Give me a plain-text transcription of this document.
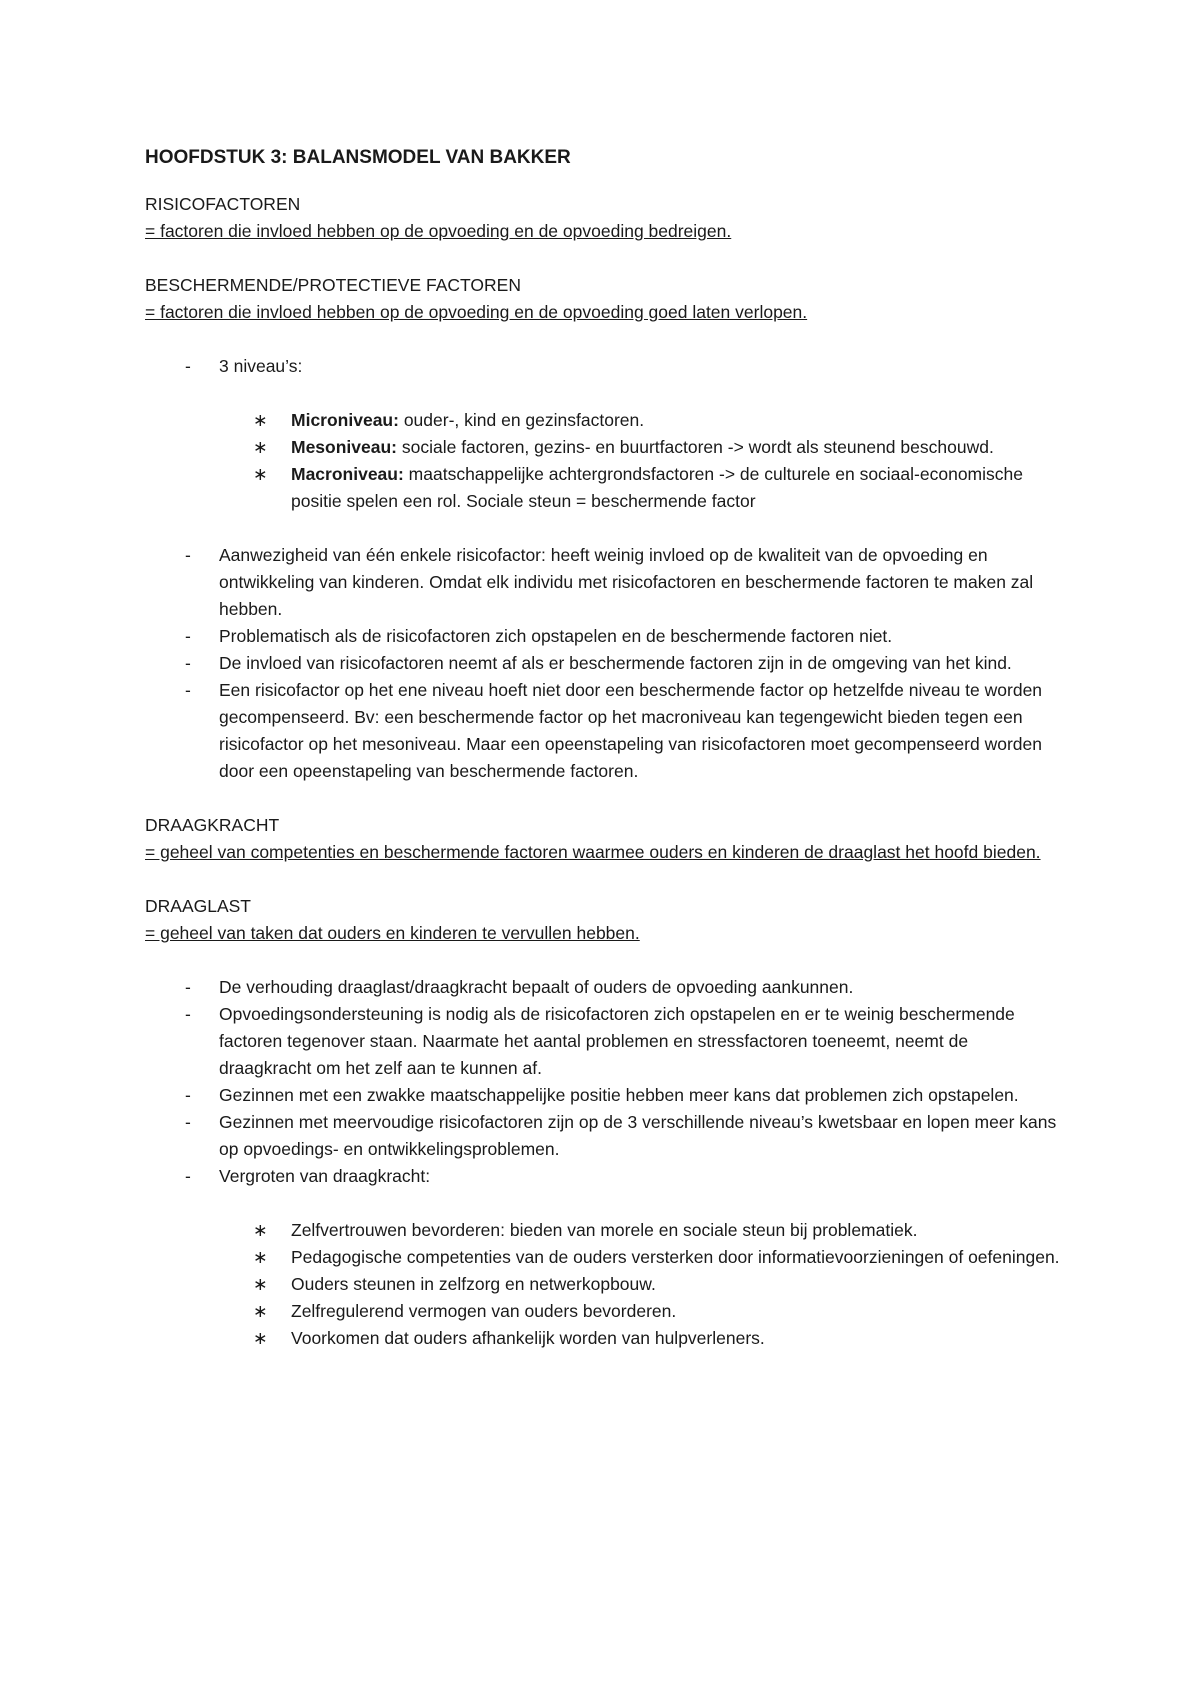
HOOFDSTUK 3: BALANSMODEL VAN BAKKER
RISICOFACTOREN
= factoren die invloed hebben op de opvoeding en de opvoeding bedreigen.
BESCHERMENDE/PROTECTIEVE FACTOREN
= factoren die invloed hebben op de opvoeding en de opvoeding goed laten verlopen.
- 3 niveau’s:
∗ Microniveau: ouder-, kind en gezinsfactoren.
∗ Mesoniveau: sociale factoren, gezins- en buurtfactoren -> wordt als steunend beschouwd.
∗ Macroniveau: maatschappelijke achtergrondsfactoren -> de culturele en sociaal-economische positie spelen een rol. Sociale steun = beschermende factor
- Aanwezigheid van één enkele risicofactor: heeft weinig invloed op de kwaliteit van de opvoeding en ontwikkeling van kinderen. Omdat elk individu met risicofactoren en beschermende factoren te maken zal hebben.
- Problematisch als de risicofactoren zich opstapelen en de beschermende factoren niet.
- De invloed van risicofactoren neemt af als er beschermende factoren zijn in de omgeving van het kind.
- Een risicofactor op het ene niveau hoeft niet door een beschermende factor op hetzelfde niveau te worden gecompenseerd. Bv: een beschermende factor op het macroniveau kan tegengewicht bieden tegen een risicofactor op het mesoniveau. Maar een opeenstapeling van risicofactoren moet gecompenseerd worden door een opeenstapeling van beschermende factoren.
DRAAGKRACHT
= geheel van competenties en beschermende factoren waarmee ouders en kinderen de draaglast het hoofd bieden.
DRAAGLAST
= geheel van taken dat ouders en kinderen te vervullen hebben.
- De verhouding draaglast/draagkracht bepaalt of ouders de opvoeding aankunnen.
- Opvoedingsondersteuning is nodig als de risicofactoren zich opstapelen en er te weinig beschermende factoren tegenover staan. Naarmate het aantal problemen en stressfactoren toeneemt, neemt de draagkracht om het zelf aan te kunnen af.
- Gezinnen met een zwakke maatschappelijke positie hebben meer kans dat problemen zich opstapelen.
- Gezinnen met meervoudige risicofactoren zijn op de 3 verschillende niveau’s kwetsbaar en lopen meer kans op opvoedings- en ontwikkelingsproblemen.
- Vergroten van draagkracht:
∗ Zelfvertrouwen bevorderen: bieden van morele en sociale steun bij problematiek.
∗ Pedagogische competenties van de ouders versterken door informatievoorzieningen of oefeningen.
∗ Ouders steunen in zelfzorg en netwerkopbouw.
∗ Zelfregulerend vermogen van ouders bevorderen.
∗ Voorkomen dat ouders afhankelijk worden van hulpverleners.
